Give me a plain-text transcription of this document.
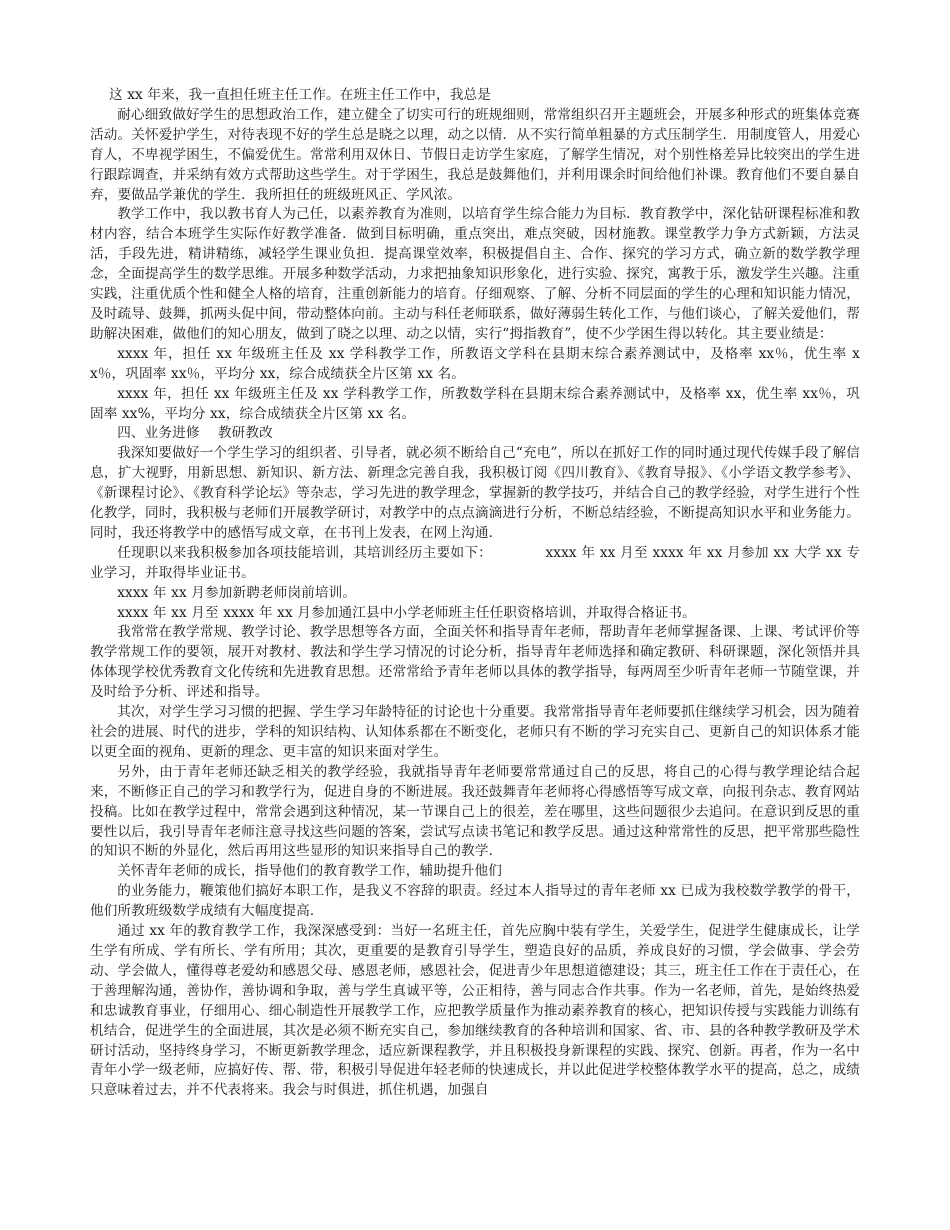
这 xx 年来，我一直担任班主任工作。在班主任工作中，我总是

耐心细致做好学生的思想政治工作，建立健全了切实可行的班规细则，常常组织召开主题班会，开展多种形式的班集体竞赛活动。关怀爱护学生，对待表现不好的学生总是晓之以理，动之以情．从不实行简单粗暴的方式压制学生．用制度管人，用爱心育人，不卑视学困生，不偏爱优生。常常利用双休日、节假日走访学生家庭，了解学生情况，对个别性格差异比较突出的学生进行跟踪调查，并采纳有效方式帮助这些学生。对于学困生，我总是鼓舞他们，并利用课余时间给他们补课。教育他们不要自暴自弃，要做品学兼优的学生．我所担任的班级班风正、学风浓。

教学工作中，我以教书育人为己任，以素养教育为准则，以培育学生综合能力为目标．教育教学中，深化钻研课程标准和教材内容，结合本班学生实际作好教学准备．做到目标明确，重点突出，难点突破，因材施教。课堂教学力争方式新颖，方法灵活，手段先进，精讲精练，减轻学生课业负担．提高课堂效率，积极提倡自主、合作、探究的学习方式，确立新的数学教学理念，全面提高学生的数学思维。开展多种数学活动，力求把抽象知识形象化，进行实验、探究，寓教于乐，激发学生兴趣。注重实践，注重优质个性和健全人格的培育，注重创新能力的培育。仔细观察、了解、分析不同层面的学生的心理和知识能力情况，及时疏导、鼓舞，抓两头促中间，带动整体向前。主动与科任老师联系，做好薄弱生转化工作，与他们谈心，了解关爱他们，帮助解决困难，做他们的知心朋友，做到了晓之以理、动之以情，实行“拇指教育”，使不少学困生得以转化。其主要业绩是：

xxxx 年，担任 xx 年级班主任及 xx 学科教学工作，所教语文学科在县期末综合素养测试中，及格率 xx％，优生率 xx％，巩固率 xx％，平均分 xx，综合成绩获全片区第 xx 名。

xxxx 年，担任 xx 年级班主任及 xx 学科教学工作，所教数学科在县期末综合素养测试中，及格率 xx，优生率 xx％，巩固率 xx%，平均分 xx，综合成绩获全片区第 xx 名。

四、业务进修　 教研教改

我深知要做好一个学生学习的组织者、引导者，就必须不断给自己“充电”，所以在抓好工作的同时通过现代传媒手段了解信息，扩大视野，用新思想、新知识、新方法、新理念完善自我，我积极订阅《四川教育》、《教育导报》、《小学语文教学参考》、《新课程讨论》、《教育科学论坛》等杂志，学习先进的教学理念，掌握新的教学技巧，并结合自己的教学经验，对学生进行个性化教学，同时，我积极与老师们开展教学研讨，对教学中的点点滴滴进行分析，不断总结经验，不断提高知识水平和业务能力。同时，我还将教学中的感悟写成文章，在书刊上发表，在网上沟通．

任现职以来我积极参加各项技能培训，其培训经历主要如下：　　　　 xxxx 年 xx 月至 xxxx 年 xx 月参加 xx 大学 xx 专业学习，并取得毕业证书。

xxxx 年 xx 月参加新聘老师岗前培训。

xxxx 年 xx 月至 xxxx 年 xx 月参加通江县中小学老师班主任任职资格培训，并取得合格证书。

我常常在教学常规、教学讨论、教学思想等各方面，全面关怀和指导青年老师，帮助青年老师掌握备课、上课、考试评价等教学常规工作的要领，展开对教材、教法和学生学习情况的讨论分析，指导青年老师选择和确定教研、科研课题，深化领悟并具体体现学校优秀教育文化传统和先进教育思想。还常常给予青年老师以具体的教学指导，每两周至少听青年老师一节随堂课，并及时给予分析、评述和指导。

其次，对学生学习习惯的把握、学生学习年龄特征的讨论也十分重要。我常常指导青年老师要抓住继续学习机会，因为随着社会的进展、时代的进步，学科的知识结构、认知体系都在不断变化，老师只有不断的学习充实自己、更新自己的知识体系才能以更全面的视角、更新的理念、更丰富的知识来面对学生。

另外，由于青年老师还缺乏相关的教学经验，我就指导青年老师要常常通过自己的反思，将自己的心得与教学理论结合起来，不断修正自己的学习和教学行为，促进自身的不断进展。我还鼓舞青年老师将心得感悟等写成文章，向报刊杂志、教育网站投稿。比如在教学过程中，常常会遇到这种情况，某一节课自己上的很差，差在哪里，这些问题很少去追问。在意识到反思的重要性以后，我引导青年老师注意寻找这些问题的答案，尝试写点读书笔记和教学反思。通过这种常常性的反思，把平常那些隐性的知识不断的外显化，然后再用这些显形的知识来指导自己的教学．

关怀青年老师的成长，指导他们的教育教学工作，辅助提升他们

的业务能力，鞭策他们搞好本职工作，是我义不容辞的职责。经过本人指导过的青年老师 xx 已成为我校数学教学的骨干，他们所教班级数学成绩有大幅度提高．

通过 xx 年的教育教学工作，我深深感受到：当好一名班主任，首先应胸中装有学生，关爱学生，促进学生健康成长，让学生学有所成、学有所长、学有所用；其次，更重要的是教育引导学生，塑造良好的品质，养成良好的习惯，学会做事、学会劳动、学会做人，懂得尊老爱幼和感恩父母、感恩老师，感恩社会，促进青少年思想道德建设；其三，班主任工作在于责任心，在于善理解沟通，善协作，善协调和争取，善与学生真诚平等，公正相待，善与同志合作共事。作为一名老师，首先，是始终热爱和忠诚教育事业，仔细用心、细心制造性开展教学工作，应把教学质量作为推动素养教育的核心，把知识传授与实践能力训练有机结合，促进学生的全面进展，其次是必须不断充实自己，参加继续教育的各种培训和国家、省、市、县的各种教学教研及学术研讨活动，坚持终身学习，不断更新教学理念，适应新课程教学，并且积极投身新课程的实践、探究、创新。再者，作为一名中青年小学一级老师，应搞好传、帮、带，积极引导促进年轻老师的快速成长，并以此促进学校整体教学水平的提高，总之，成绩只意味着过去，并不代表将来。我会与时俱进，抓住机遇，加强自
